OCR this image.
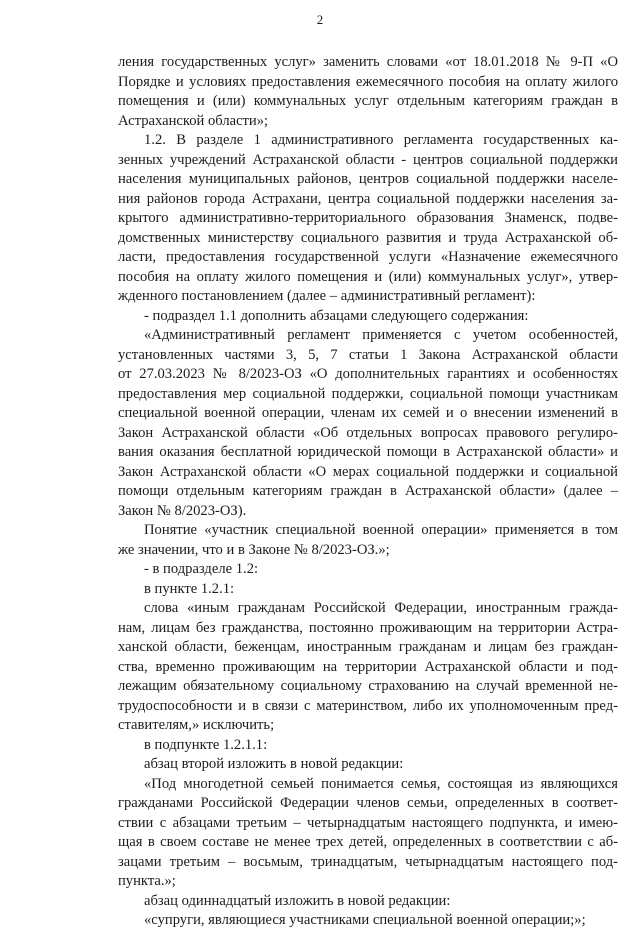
2
ления государственных услуг» заменить словами «от 18.01.2018 № 9-П «О
Порядке и условиях предоставления ежемесячного пособия на оплату жилого
помещения и (или) коммунальных услуг отдельным категориям граждан в
Астраханской области»;
1.2. В разделе 1 административного регламента государственных ка-
зенных учреждений Астраханской области - центров социальной поддержки
населения муниципальных районов, центров социальной поддержки населе-
ния районов города Астрахани, центра социальной поддержки населения за-
крытого административно-территориального образования Знаменск, подве-
домственных министерству социального развития и труда Астраханской об-
ласти, предоставления государственной услуги «Назначение ежемесячного
пособия на оплату жилого помещения и (или) коммунальных услуг», утвер-
жденного постановлением (далее – административный регламент):
- подраздел 1.1 дополнить абзацами следующего содержания:
«Административный регламент применяется с учетом особенностей,
установленных частями 3, 5, 7 статьи 1 Закона Астраханской области
от 27.03.2023 № 8/2023-ОЗ «О дополнительных гарантиях и особенностях
предоставления мер социальной поддержки, социальной помощи участникам
специальной военной операции, членам их семей и о внесении изменений в
Закон Астраханской области «Об отдельных вопросах правового регулиро-
вания оказания бесплатной юридической помощи в Астраханской области» и
Закон Астраханской области «О мерах социальной поддержки и социальной
помощи отдельным категориям граждан в Астраханской области» (далее –
Закон № 8/2023-ОЗ).
Понятие «участник специальной военной операции» применяется в том
же значении, что и в Законе № 8/2023-ОЗ.»;
- в подразделе 1.2:
в пункте 1.2.1:
слова «иным гражданам Российской Федерации, иностранным гражда-
нам, лицам без гражданства, постоянно проживающим на территории Астра-
ханской области, беженцам, иностранным гражданам и лицам без граждан-
ства, временно проживающим на территории Астраханской области и под-
лежащим обязательному социальному страхованию на случай временной не-
трудоспособности и в связи с материнством, либо их уполномоченным пред-
ставителям,» исключить;
в подпункте 1.2.1.1:
абзац второй изложить в новой редакции:
«Под многодетной семьей понимается семья, состоящая из являющихся
гражданами Российской Федерации членов семьи, определенных в соответ-
ствии с абзацами третьим – четырнадцатым настоящего подпункта, и имею-
щая в своем составе не менее трех детей, определенных в соответствии с аб-
зацами третьим – восьмым, тринадцатым, четырнадцатым настоящего под-
пункта.»;
абзац одиннадцатый изложить в новой редакции:
«супруги, являющиеся участниками специальной военной операции;»;
